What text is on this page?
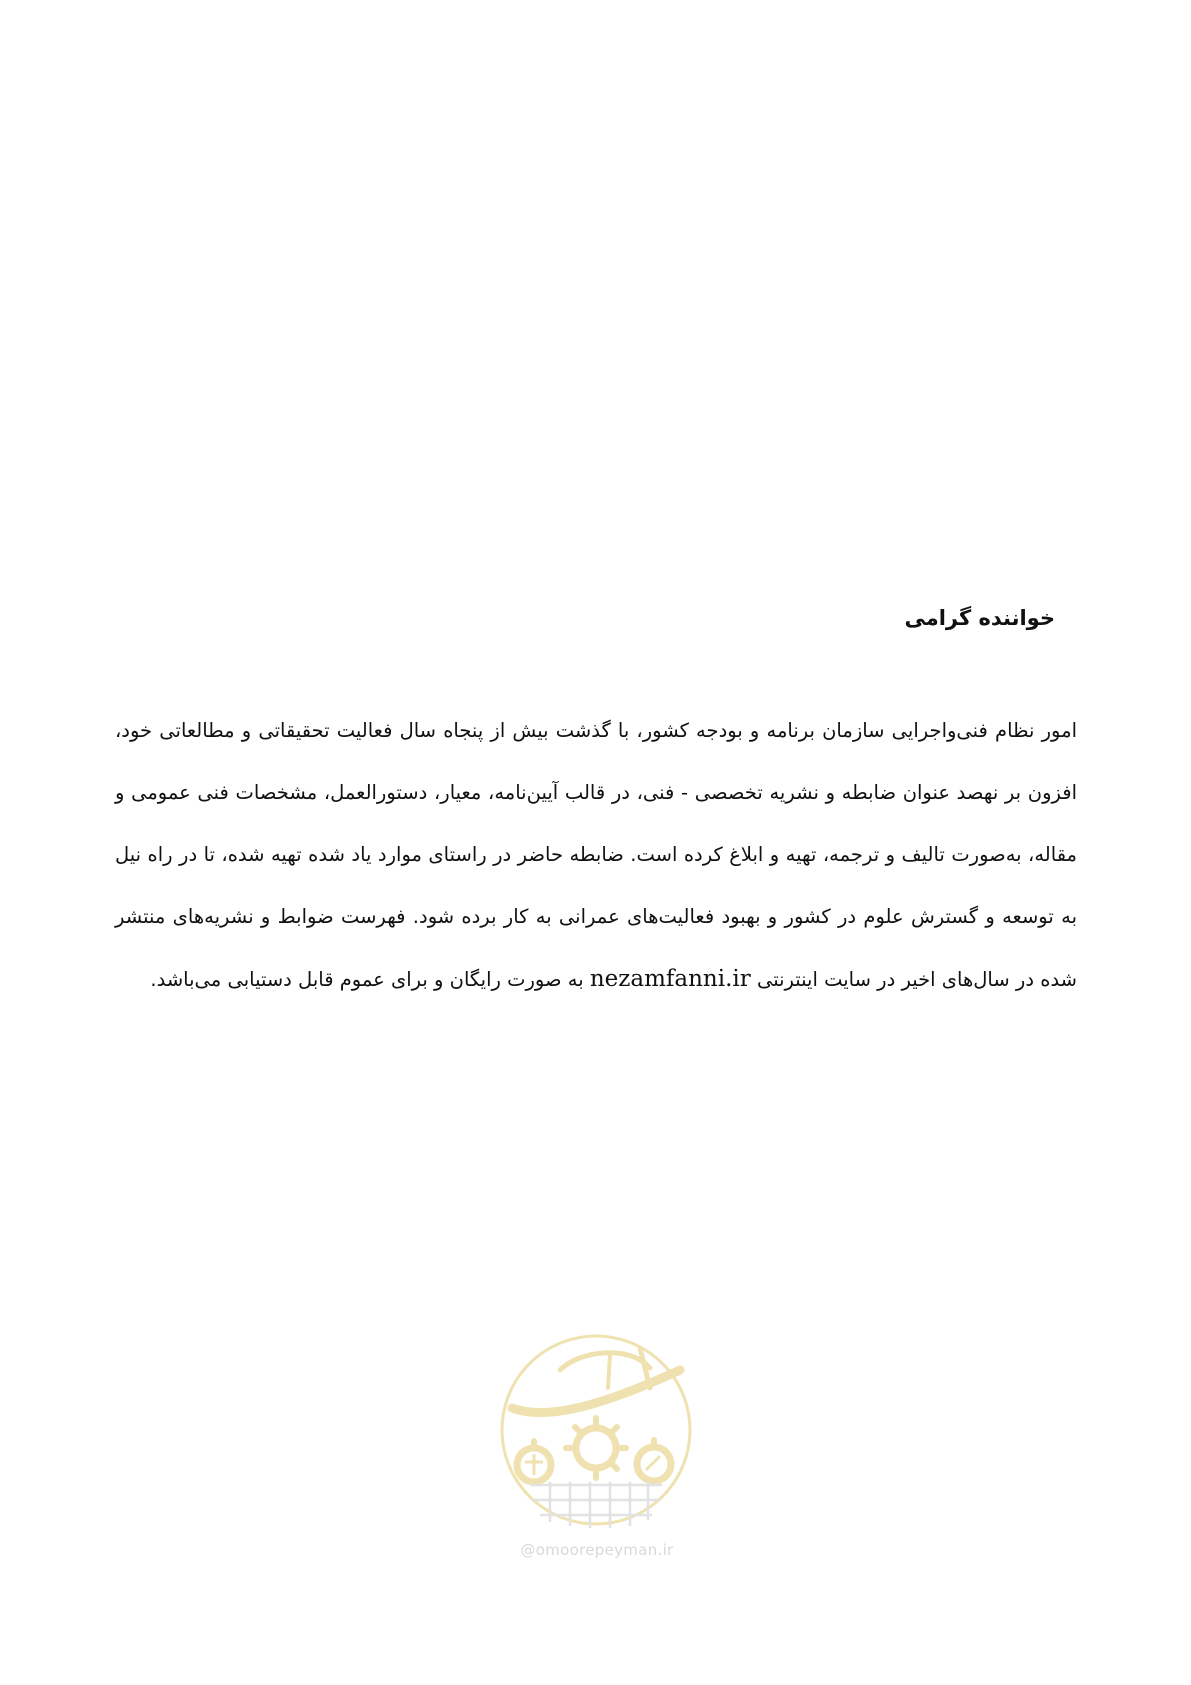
خواننده گرامی

امور نظام فنی‌واجرایی سازمان برنامه و بودجه کشور، با گذشت بیش از پنجاه سال فعالیت تحقیقاتی و مطالعاتی خود، افزون بر نهصد عنوان ضابطه و نشریه تخصصی - فنی، در قالب آیین‌نامه، معیار، دستورالعمل، مشخصات فنی عمومی و مقاله، به‌صورت تالیف و ترجمه، تهیه و ابلاغ کرده است. ضابطه حاضر در راستای موارد یاد شده تهیه شده، تا در راه نیل به توسعه و گسترش علوم در کشور و بهبود فعالیت‌های عمرانی به کار برده شود. فهرست ضوابط و نشریه‌های منتشر شده در سال‌های اخیر در سایت اینترنتی nezamfanni.ir به صورت رایگان و برای عموم قابل دستیابی می‌باشد.

@omoorepeyman.ir
